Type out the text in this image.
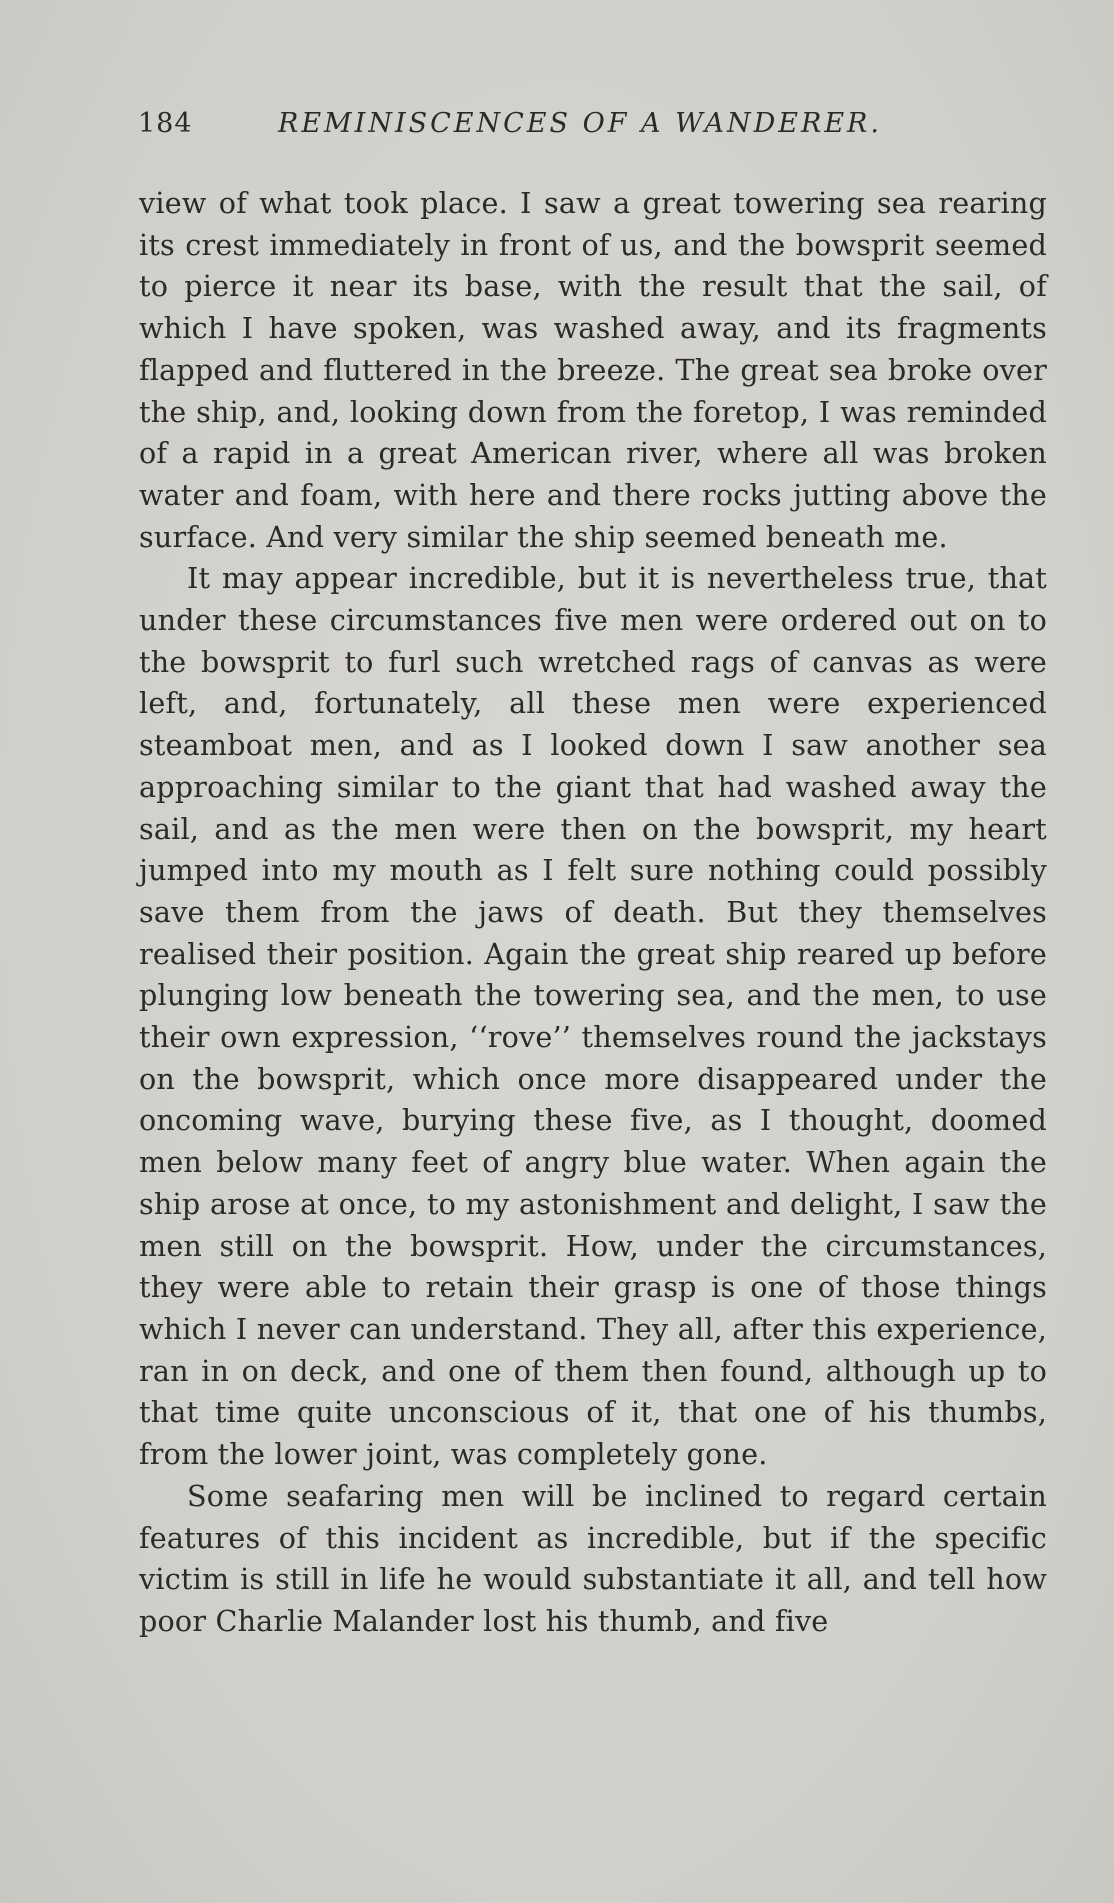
184	REMINISCENCES OF A WANDERER.

view of what took place. I saw a great towering sea rearing its crest immediately in front of us, and the bowsprit seemed to pierce it near its base, with the result that the sail, of which I have spoken, was washed away, and its fragments flapped and fluttered in the breeze. The great sea broke over the ship, and, looking down from the foretop, I was reminded of a rapid in a great American river, where all was broken water and foam, with here and there rocks jutting above the surface. And very similar the ship seemed beneath me.

It may appear incredible, but it is nevertheless true, that under these circumstances five men were ordered out on to the bowsprit to furl such wretched rags of canvas as were left, and, fortunately, all these men were experienced steamboat men, and as I looked down I saw another sea approaching similar to the giant that had washed away the sail, and as the men were then on the bowsprit, my heart jumped into my mouth as I felt sure nothing could possibly save them from the jaws of death. But they themselves realised their position. Again the great ship reared up before plunging low beneath the towering sea, and the men, to use their own expression, ‘‘rove’’ themselves round the jackstays on the bowsprit, which once more disappeared under the oncoming wave, burying these five, as I thought, doomed men below many feet of angry blue water. When again the ship arose at once, to my astonishment and delight, I saw the men still on the bowsprit. How, under the circumstances, they were able to retain their grasp is one of those things which I never can understand. They all, after this experience, ran in on deck, and one of them then found, although up to that time quite unconscious of it, that one of his thumbs, from the lower joint, was completely gone.

Some seafaring men will be inclined to regard certain features of this incident as incredible, but if the specific victim is still in life he would substantiate it all, and tell how poor Charlie Malander lost his thumb, and five
